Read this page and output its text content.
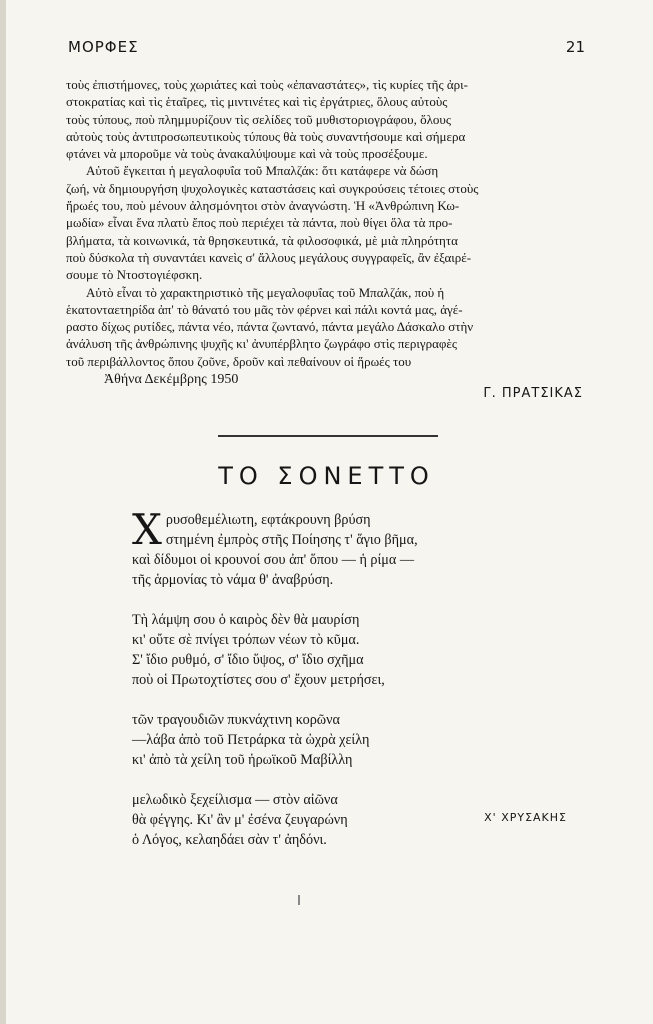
ΜΟΡΦΕΣ	21

τοὺς ἐπιστήμονες, τοὺς χωριάτες καὶ τοὺς «ἐπαναστάτες», τὶς κυρίες τῆς ἀρι-
στοκρατίας καὶ τὶς ἑταῖρες, τὶς μιντινέτες καὶ τὶς ἐργάτριες, ὅλους αὐτοὺς
τοὺς τύπους, ποὺ πλημμυρίζουν τὶς σελίδες τοῦ μυθιστοριογράφου, ὅλους
αὐτοὺς τοὺς ἀντιπροσωπευτικοὺς τύπους θὰ τοὺς συναντήσουμε καὶ σήμερα
φτάνει νὰ μποροῦμε νὰ τοὺς ἀνακαλύψουμε καὶ νὰ τοὺς προσέξουμε.
Αὐτοῦ ἔγκειται ἡ μεγαλοφυΐα τοῦ Μπαλζάκ: ὅτι κατάφερε νὰ δώση
ζωή, νὰ δημιουργήση ψυχολογικὲς καταστάσεις καὶ συγκρούσεις τέτοιες στοὺς
ἥρωές του, ποὺ μένουν ἀλησμόνητοι στὸν ἀναγνώστη. Ἡ «Ἀνθρώπινη Κω-
μωδία» εἶναι ἕνα πλατὺ ἔπος ποὺ περιέχει τὰ πάντα, ποὺ θίγει ὅλα τὰ προ-
βλήματα, τὰ κοινωνικά, τὰ θρησκευτικά, τὰ φιλοσοφικά, μὲ μιὰ πληρότητα
ποὺ δύσκολα τὴ συναντάει κανεὶς σ' ἄλλους μεγάλους συγγραφεῖς, ἂν ἐξαιρέ-
σουμε τὸ Ντοστογιέφσκη.
Αὐτὸ εἶναι τὸ χαρακτηριστικὸ τῆς μεγαλοφυΐας τοῦ Μπαλζάκ, ποὺ ἡ
ἑκατονταετηρίδα ἀπ' τὸ θάνατό του μᾶς τὸν φέρνει καὶ πάλι κοντά μας, ἀγέ-
ραστο δίχως ρυτίδες, πάντα νέο, πάντα ζωντανό, πάντα μεγάλο Δάσκαλο στὴν
ἀνάλυση τῆς ἀνθρώπινης ψυχῆς κι' ἀνυπέρβλητο ζωγράφο στὶς περιγραφὲς
τοῦ περιβάλλοντος ὅπου ζοῦνε, δροῦν καὶ πεθαίνουν οἱ ἥρωές του

Ἀθήνα Δεκέμβρης 1950
Γ. ΠΡΑΤΣΙΚΑΣ
ΤΟ ΣΟΝΕΤΤΟ
Χ ρυσοθεμέλιωτη, εφτάκρουνη βρύση
στημένη ἐμπρὸς στῆς Ποίησης τ' ἅγιο βῆμα,
καὶ δίδυμοι οἱ κρουνοί σου ἀπ' ὅπου — ἡ ρίμα —
τῆς ἁρμονίας τὸ νάμα θ' ἀναβρύση.
Τὴ λάμψη σου ὁ καιρὸς δὲν θὰ μαυρίση
κι' οὔτε σὲ πνίγει τρόπων νέων τὸ κῦμα.
Σ' ἴδιο ρυθμό, σ' ἴδιο ὕψος, σ' ἴδιο σχῆμα
ποὺ οἱ Πρωτοχτίστες σου σ' ἔχουν μετρήσει,
τῶν τραγουδιῶν πυκνάχτινη κορῶνα
—λάβα ἀπὸ τοῦ Πετράρκα τὰ ὠχρὰ χείλη
κι' ἀπὸ τὰ χείλη τοῦ ἡρωϊκοῦ Μαβίλλη
μελωδικὸ ξεχείλισμα — στὸν αἰῶνα
θὰ φέγγης. Κι' ἂν μ' ἐσένα ζευγαρώνη
ὁ Λόγος, κελαηδάει σὰν τ' ἀηδόνι.
Χ' ΧΡΥΣΑΚΗΣ
